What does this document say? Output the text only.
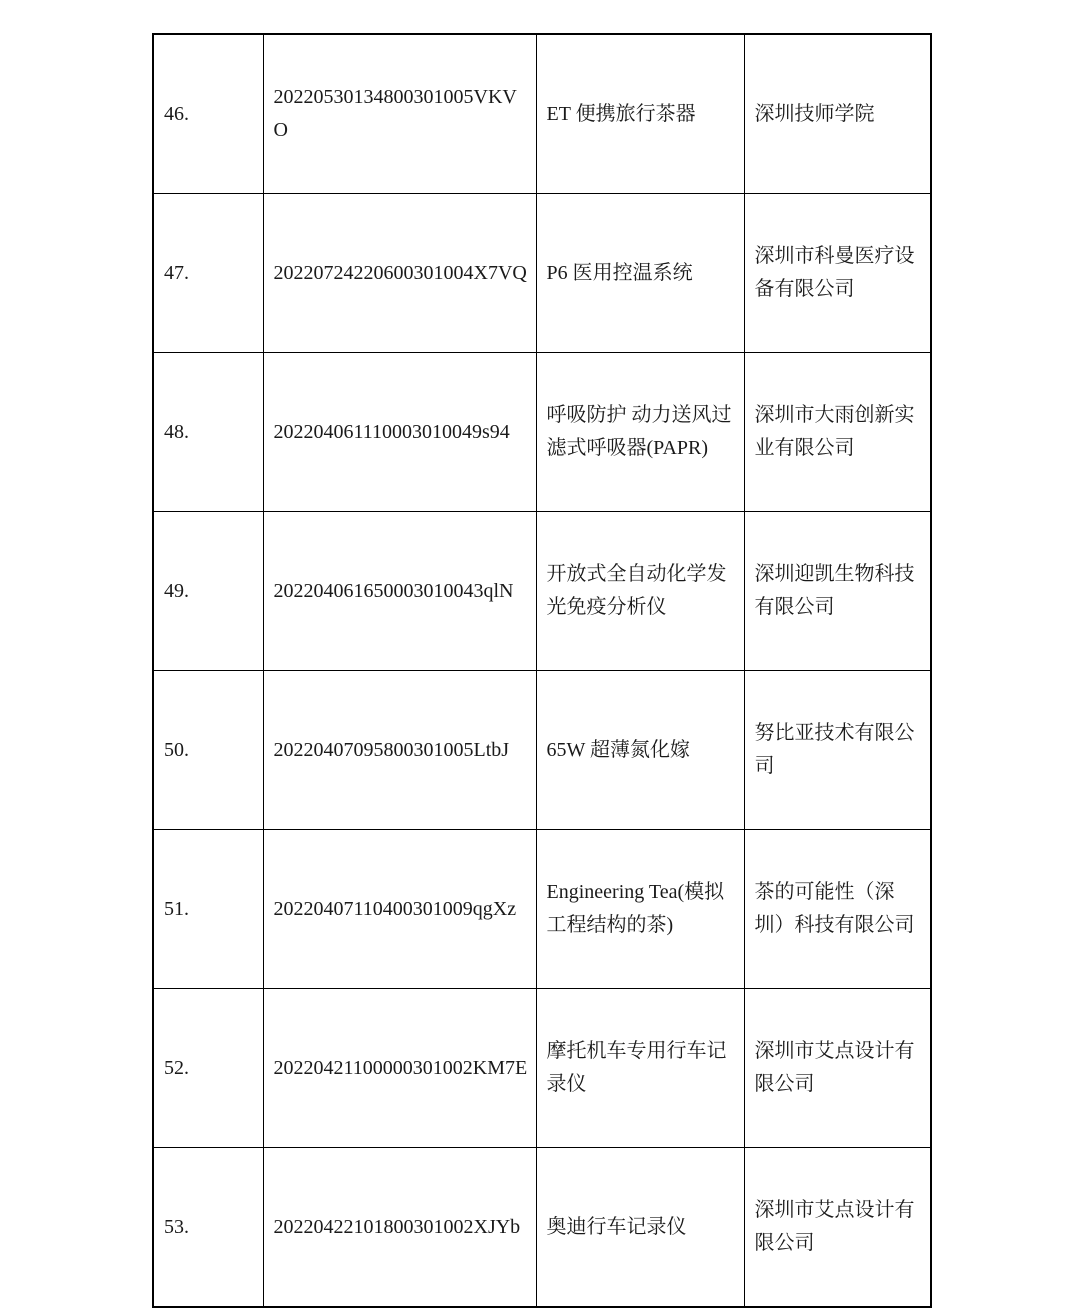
46.	20220530134800301005VKVO	ET 便携旅行茶器	深圳技师学院
47.	20220724220600301004X7VQ	P6 医用控温系统	深圳市科曼医疗设备有限公司
48.	202204061110003010049s94	呼吸防护 动力送风过滤式呼吸器(PAPR)	深圳市大雨创新实业有限公司
49.	202204061650003010043qlN	开放式全自动化学发光免疫分析仪	深圳迎凯生物科技有限公司
50.	20220407095800301005LtbJ	65W 超薄氮化嫁	努比亚技术有限公司
51.	20220407110400301009qgXz	Engineering Tea(模拟工程结构的茶)	茶的可能性（深圳）科技有限公司
52.	20220421100000301002KM7E	摩托机车专用行车记录仪	深圳市艾点设计有限公司
53.	20220422101800301002XJYb	奥迪行车记录仪	深圳市艾点设计有限公司
